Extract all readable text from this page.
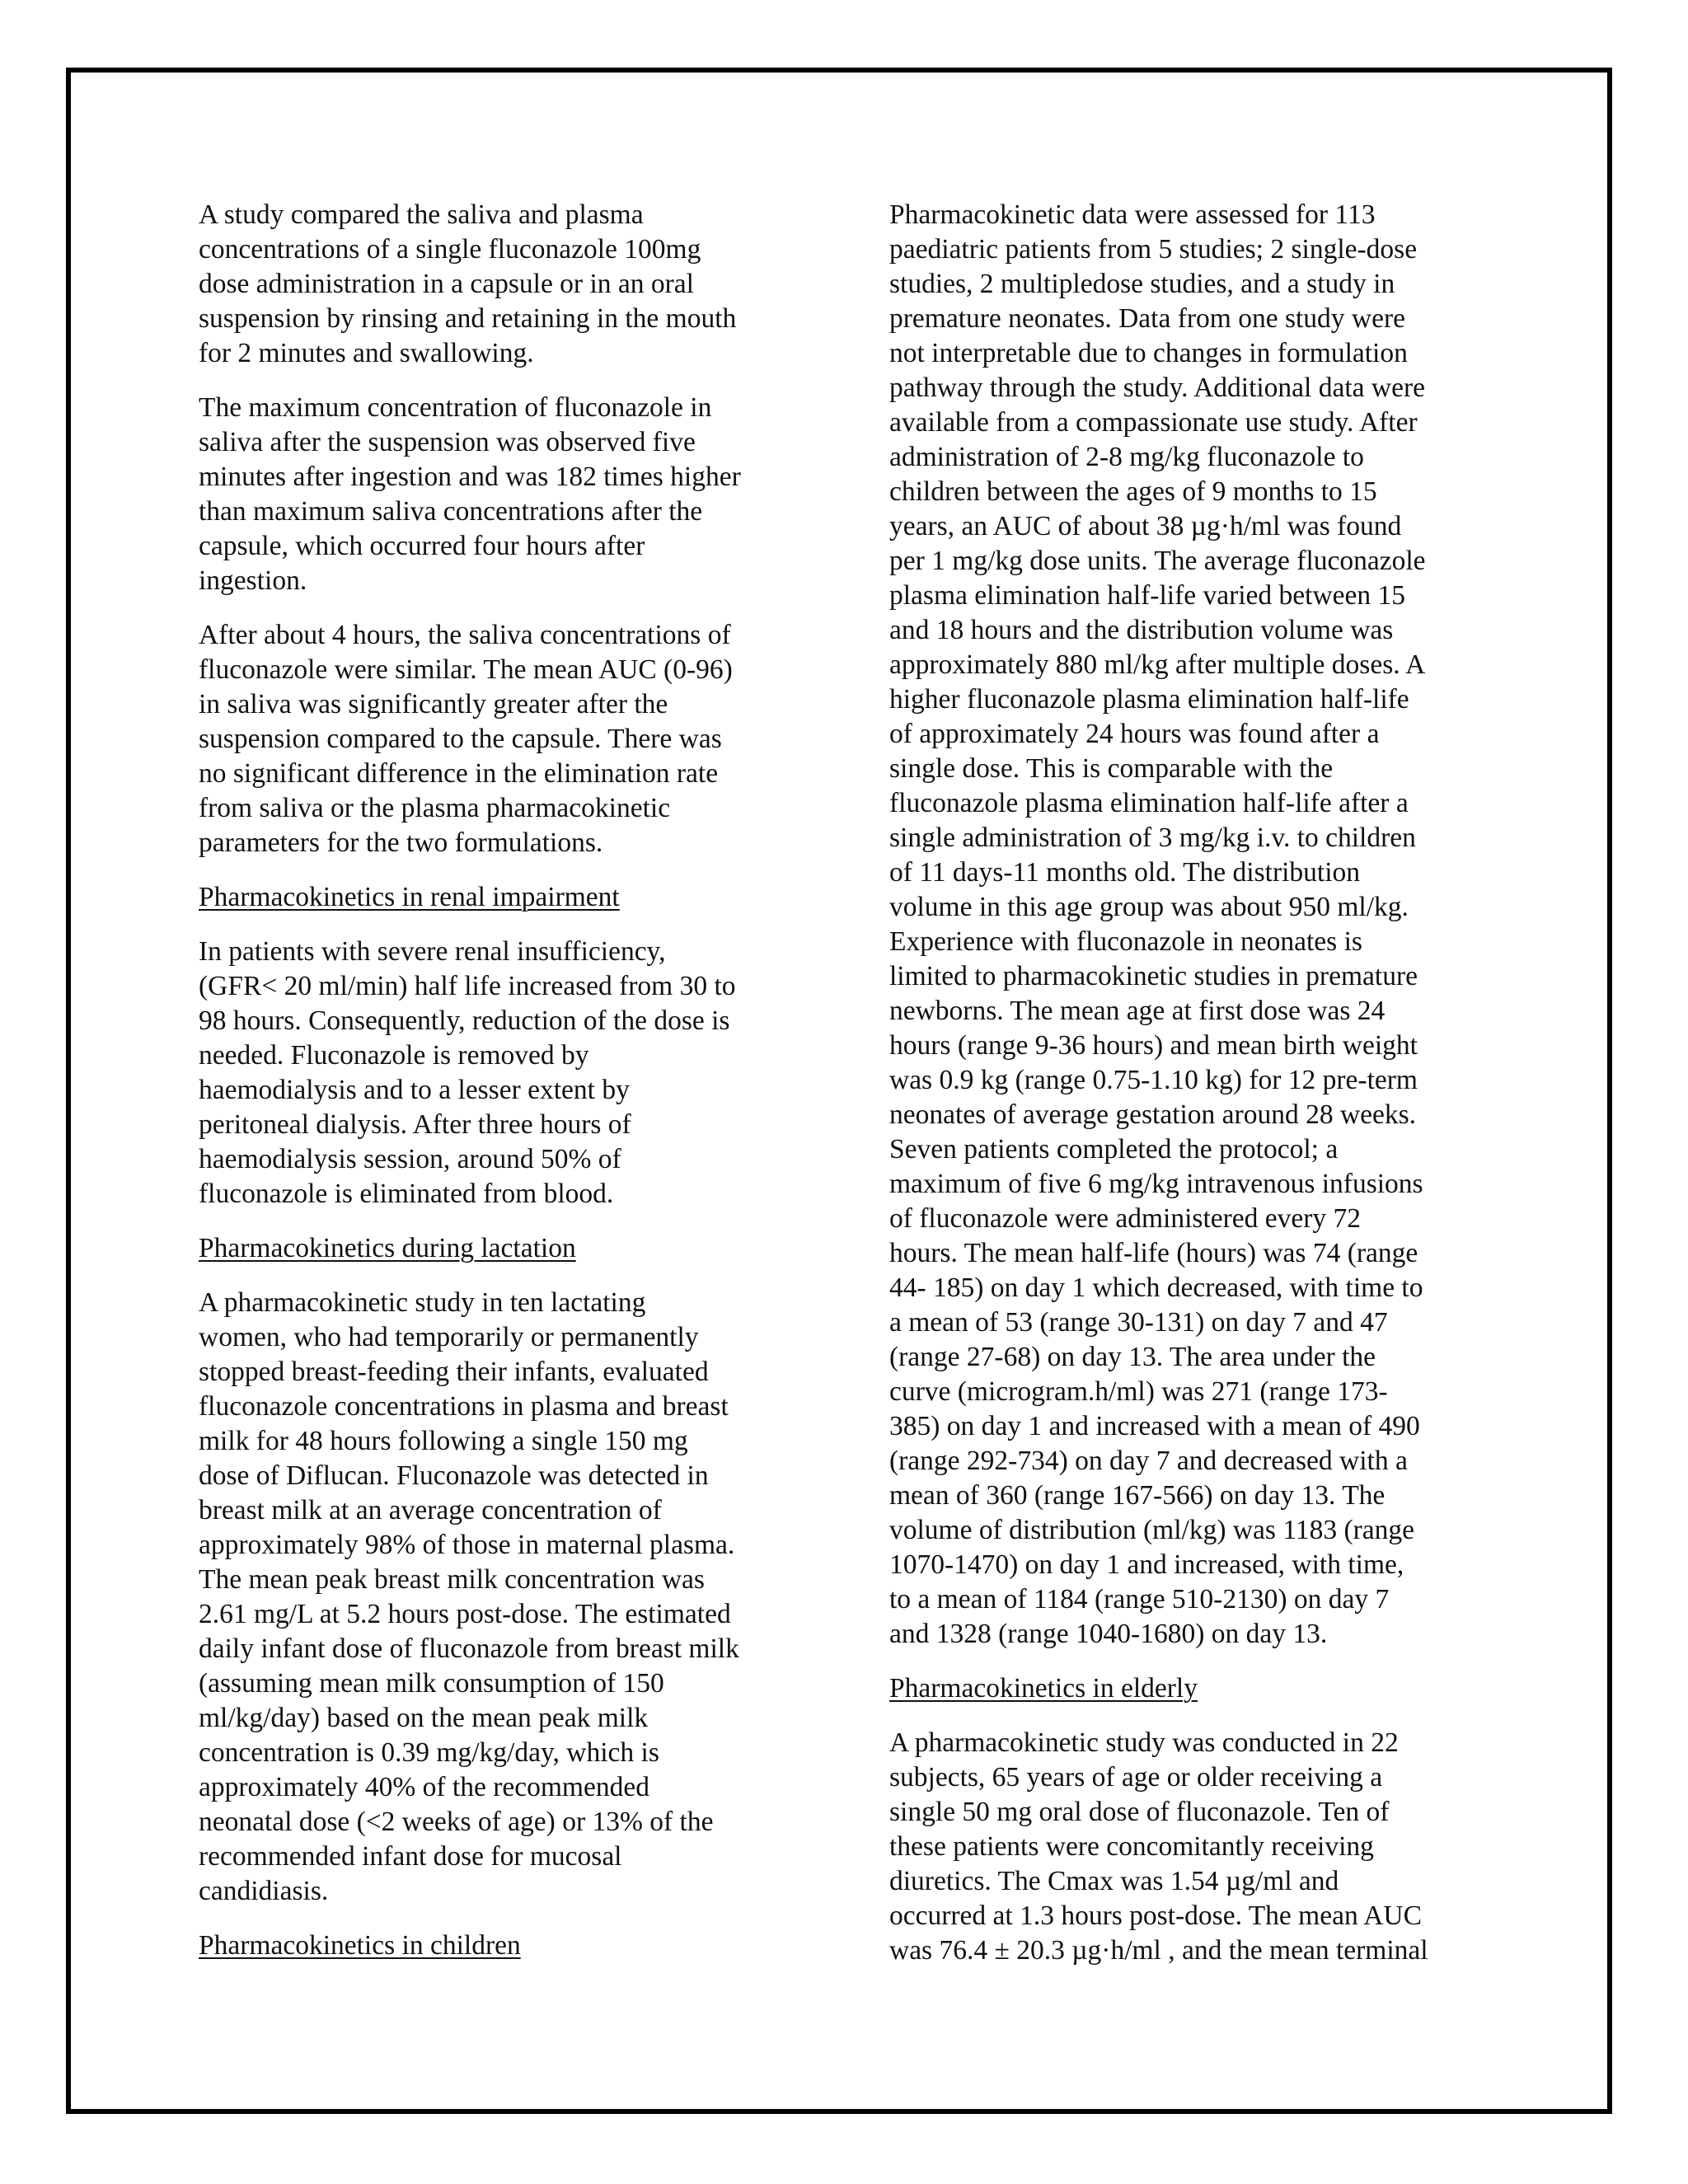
A study compared the saliva and plasma
concentrations of a single fluconazole 100mg
dose administration in a capsule or in an oral
suspension by rinsing and retaining in the mouth
for 2 minutes and swallowing.
The maximum concentration of fluconazole in
saliva after the suspension was observed five
minutes after ingestion and was 182 times higher
than maximum saliva concentrations after the
capsule, which occurred four hours after
ingestion.
After about 4 hours, the saliva concentrations of
fluconazole were similar. The mean AUC (0-96)
in saliva was significantly greater after the
suspension compared to the capsule. There was
no significant difference in the elimination rate
from saliva or the plasma pharmacokinetic
parameters for the two formulations.
Pharmacokinetics in renal impairment
In patients with severe renal insufficiency,
(GFR< 20 ml/min) half life increased from 30 to
98 hours. Consequently, reduction of the dose is
needed. Fluconazole is removed by
haemodialysis and to a lesser extent by
peritoneal dialysis. After three hours of
haemodialysis session, around 50% of
fluconazole is eliminated from blood.
Pharmacokinetics during lactation
A pharmacokinetic study in ten lactating
women, who had temporarily or permanently
stopped breast-feeding their infants, evaluated
fluconazole concentrations in plasma and breast
milk for 48 hours following a single 150 mg
dose of Diflucan. Fluconazole was detected in
breast milk at an average concentration of
approximately 98% of those in maternal plasma.
The mean peak breast milk concentration was
2.61 mg/L at 5.2 hours post-dose. The estimated
daily infant dose of fluconazole from breast milk
(assuming mean milk consumption of 150
ml/kg/day) based on the mean peak milk
concentration is 0.39 mg/kg/day, which is
approximately 40% of the recommended
neonatal dose (<2 weeks of age) or 13% of the
recommended infant dose for mucosal
candidiasis.
Pharmacokinetics in children
Pharmacokinetic data were assessed for 113
paediatric patients from 5 studies; 2 single-dose
studies, 2 multipledose studies, and a study in
premature neonates. Data from one study were
not interpretable due to changes in formulation
pathway through the study. Additional data were
available from a compassionate use study. After
administration of 2-8 mg/kg fluconazole to
children between the ages of 9 months to 15
years, an AUC of about 38 µg·h/ml was found
per 1 mg/kg dose units. The average fluconazole
plasma elimination half-life varied between 15
and 18 hours and the distribution volume was
approximately 880 ml/kg after multiple doses. A
higher fluconazole plasma elimination half-life
of approximately 24 hours was found after a
single dose. This is comparable with the
fluconazole plasma elimination half-life after a
single administration of 3 mg/kg i.v. to children
of 11 days-11 months old. The distribution
volume in this age group was about 950 ml/kg.
Experience with fluconazole in neonates is
limited to pharmacokinetic studies in premature
newborns. The mean age at first dose was 24
hours (range 9-36 hours) and mean birth weight
was 0.9 kg (range 0.75-1.10 kg) for 12 pre-term
neonates of average gestation around 28 weeks.
Seven patients completed the protocol; a
maximum of five 6 mg/kg intravenous infusions
of fluconazole were administered every 72
hours. The mean half-life (hours) was 74 (range
44- 185) on day 1 which decreased, with time to
a mean of 53 (range 30-131) on day 7 and 47
(range 27-68) on day 13. The area under the
curve (microgram.h/ml) was 271 (range 173-
385) on day 1 and increased with a mean of 490
(range 292-734) on day 7 and decreased with a
mean of 360 (range 167-566) on day 13. The
volume of distribution (ml/kg) was 1183 (range
1070-1470) on day 1 and increased, with time,
to a mean of 1184 (range 510-2130) on day 7
and 1328 (range 1040-1680) on day 13.
Pharmacokinetics in elderly
A pharmacokinetic study was conducted in 22
subjects, 65 years of age or older receiving a
single 50 mg oral dose of fluconazole. Ten of
these patients were concomitantly receiving
diuretics. The Cmax was 1.54 µg/ml and
occurred at 1.3 hours post-dose. The mean AUC
was 76.4 ± 20.3 µg·h/ml , and the mean terminal
